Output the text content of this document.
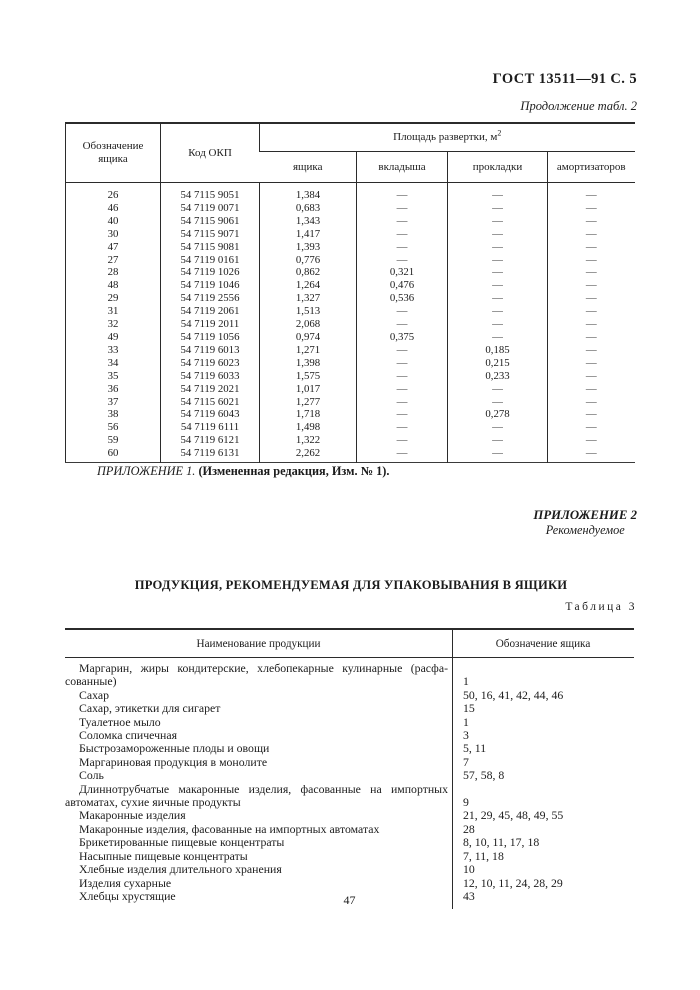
ГОСТ 13511—91 С. 5
Продолжение табл. 2
Обозначение ящика	Код ОКП	Площадь развертки, $м^2$
		ящика	вкладыша	прокладки	амортизаторов
26	54 7115 9051	1,384	—	—	—
46	54 7119 0071	0,683	—	—	—
40	54 7115 9061	1,343	—	—	—
30	54 7115 9071	1,417	—	—	—
47	54 7115 9081	1,393	—	—	—
27	54 7119 0161	0,776	—	—	—
28	54 7119 1026	0,862	0,321	—	—
48	54 7119 1046	1,264	0,476	—	—
29	54 7119 2556	1,327	0,536	—	—
31	54 7119 2061	1,513	—	—	—
32	54 7119 2011	2,068	—	—	—
49	54 7119 1056	0,974	0,375	—	—
33	54 7119 6013	1,271	—	0,185	—
34	54 7119 6023	1,398	—	0,215	—
35	54 7119 6033	1,575	—	0,233	—
36	54 7119 2021	1,017	—	—	—
37	54 7115 6021	1,277	—	—	—
38	54 7119 6043	1,718	—	0,278	—
56	54 7119 6111	1,498	—	—	—
59	54 7119 6121	1,322	—	—	—
60	54 7119 6131	2,262	—	—	—
ПРИЛОЖЕНИЕ 1. (Измененная редакция, Изм. № 1).
ПРИЛОЖЕНИЕ 2
Рекомендуемое
ПРОДУКЦИЯ, РЕКОМЕНДУЕМАЯ ДЛЯ УПАКОВЫВАНИЯ В ЯЩИКИ
Таблица 3
Наименование продукции	Обозначение ящика
Маргарин, жиры кондитерские, хлебопекарные кулинарные (расфа-
сованные)	1
Сахар	50, 16, 41, 42, 44, 46
Сахар, этикетки для сигарет	15
Туалетное мыло	1
Соломка спичечная	3
Быстрозамороженные плоды и овощи	5, 11
Маргариновая продукция в монолите	7
Соль	57, 58, 8
Длиннотрубчатые макаронные изделия, фасованные на импортных
автоматах, сухие яичные продукты	9
Макаронные изделия	21, 29, 45, 48, 49, 55
Макаронные изделия, фасованные на импортных автоматах	28
Брикетированные пищевые концентраты	8, 10, 11, 17, 18
Насыпные пищевые концентраты	7, 11, 18
Хлебные изделия длительного хранения	10
Изделия сухарные	12, 10, 11, 24, 28, 29
Хлебцы хрустящие	43
47
